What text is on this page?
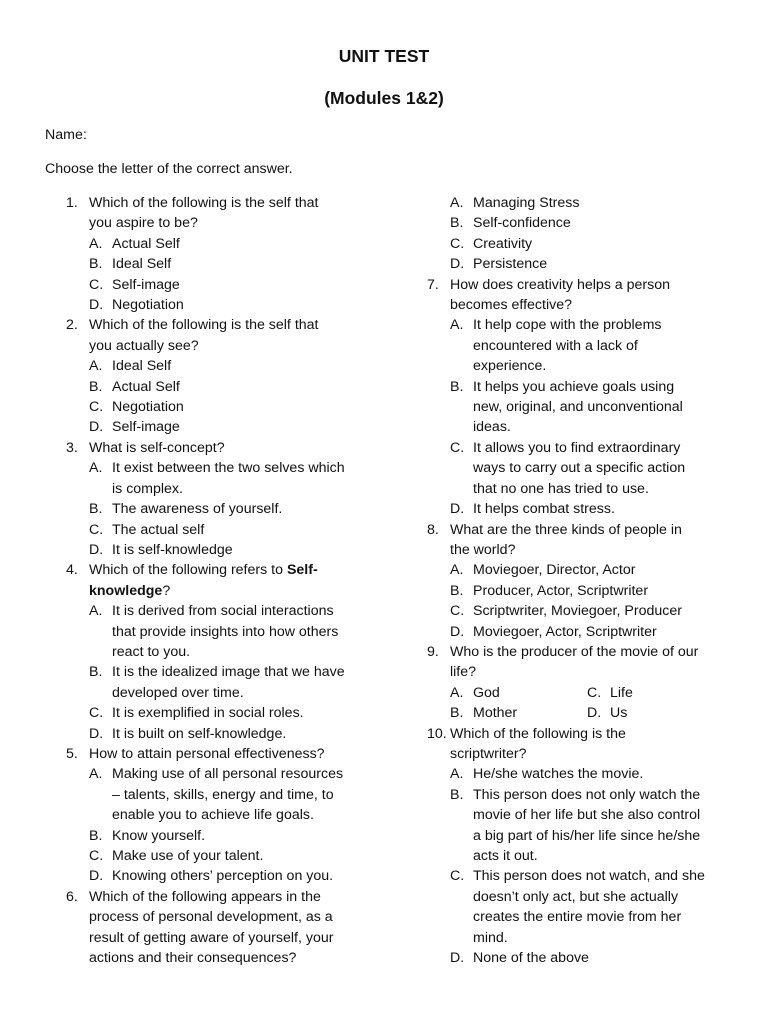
UNIT TEST
(Modules 1&2)
Name:
Choose the letter of the correct answer.
1. Which of the following is the self that
you aspire to be?
A. Actual Self
B. Ideal Self
C. Self-image
D. Negotiation
2. Which of the following is the self that
you actually see?
A. Ideal Self
B. Actual Self
C. Negotiation
D. Self-image
3. What is self-concept?
A. It exist between the two selves which
is complex.
B. The awareness of yourself.
C. The actual self
D. It is self-knowledge
4. Which of the following refers to Self-knowledge?
A. It is derived from social interactions
that provide insights into how others
react to you.
B. It is the idealized image that we have
developed over time.
C. It is exemplified in social roles.
D. It is built on self-knowledge.
5. How to attain personal effectiveness?
A. Making use of all personal resources
– talents, skills, energy and time, to
enable you to achieve life goals.
B. Know yourself.
C. Make use of your talent.
D. Knowing others’ perception on you.
6. Which of the following appears in the
process of personal development, as a
result of getting aware of yourself, your
actions and their consequences?
A. Managing Stress
B. Self-confidence
C. Creativity
D. Persistence
7. How does creativity helps a person
becomes effective?
A. It help cope with the problems
encountered with a lack of
experience.
B. It helps you achieve goals using
new, original, and unconventional
ideas.
C. It allows you to find extraordinary
ways to carry out a specific action
that no one has tried to use.
D. It helps combat stress.
8. What are the three kinds of people in
the world?
A. Moviegoer, Director, Actor
B. Producer, Actor, Scriptwriter
C. Scriptwriter, Moviegoer, Producer
D. Moviegoer, Actor, Scriptwriter
9. Who is the producer of the movie of our
life?
A. God	C. Life
B. Mother	D. Us
10. Which of the following is the
scriptwriter?
A. He/she watches the movie.
B. This person does not only watch the
movie of her life but she also control
a big part of his/her life since he/she
acts it out.
C. This person does not watch, and she
doesn’t only act, but she actually
creates the entire movie from her
mind.
D. None of the above
